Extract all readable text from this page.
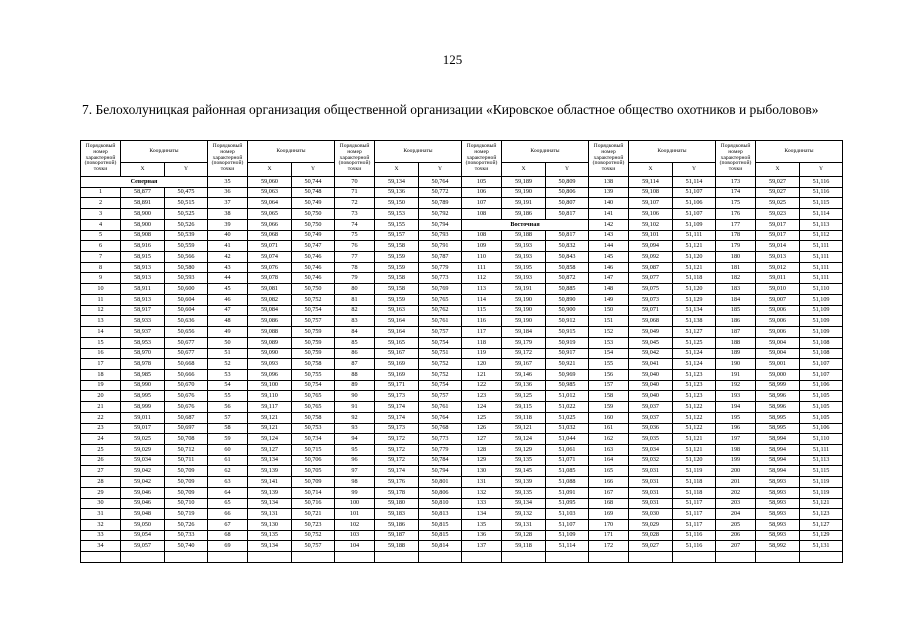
125
7. Белохолуницкая районная организация общественной организации «Кировское областное общество охотников и рыболовов»
Порядковый номер характерной (поворотной) точки	Координаты		Порядковый номер характерной (поворотной) точки	Координаты		Порядковый номер характерной (поворотной) точки	Координаты		Порядковый номер характерной (поворотной) точки	Координаты		Порядковый номер характерной (поворотной) точки	Координаты		Порядковый номер характерной (поворотной) точки	Координаты	
	X	Y		X	Y		X	Y		X	Y		X	Y		X	Y
Северная			35	59,060	50,744	70	59,134	50,764	105	59,189	50,809	138	59,114	51,114	173	59,027	51,116
1	58,877	50,475	36	59,063	50,748	71	59,136	50,772	106	59,190	50,806	139	59,108	51,107	174	59,027	51,116
2	58,891	50,515	37	59,064	50,749	72	59,150	50,789	107	59,191	50,807	140	59,107	51,106	175	59,025	51,115
3	58,900	50,525	38	59,065	50,750	73	59,153	50,792	108	59,186	50,817	141	59,106	51,107	176	59,023	51,114
4	58,900	50,526	39	59,066	50,750	74	59,155	50,794	Восточная			142	59,102	51,109	177	59,017	51,113
5	58,908	50,539	40	59,068	50,749	75	59,157	50,793	108	59,188	50,817	143	59,101	51,111	178	59,017	51,112
6	58,916	50,559	41	59,071	50,747	76	59,158	50,791	109	59,193	50,832	144	59,094	51,121	179	59,014	51,111
7	58,915	50,566	42	59,074	50,746	77	59,159	50,787	110	59,193	50,843	145	59,092	51,120	180	59,013	51,111
8	58,913	50,580	43	59,076	50,746	78	59,159	50,779	111	59,195	50,858	146	59,087	51,121	181	59,012	51,111
9	58,913	50,593	44	59,078	50,746	79	59,158	50,773	112	59,193	50,872	147	59,077	51,118	182	59,011	51,111
10	58,911	50,600	45	59,081	50,750	80	59,158	50,769	113	59,191	50,885	148	59,075	51,120	183	59,010	51,110
11	58,913	50,604	46	59,082	50,752	81	59,159	50,765	114	59,190	50,890	149	59,073	51,129	184	59,007	51,109
12	58,917	50,604	47	59,084	50,754	82	59,163	50,762	115	59,190	50,900	150	59,071	51,134	185	59,006	51,109
13	58,933	50,636	48	59,086	50,757	83	59,164	50,761	116	59,190	50,912	151	59,068	51,138	186	59,006	51,109
14	58,937	50,656	49	59,088	50,759	84	59,164	50,757	117	59,184	50,915	152	59,049	51,127	187	59,006	51,109
15	58,953	50,677	50	59,089	50,759	85	59,165	50,754	118	59,179	50,919	153	59,045	51,125	188	59,004	51,108
16	58,970	50,677	51	59,090	50,759	86	59,167	50,751	119	59,172	50,917	154	59,042	51,124	189	59,004	51,108
17	58,978	50,668	52	59,093	50,758	87	59,169	50,752	120	59,167	50,921	155	59,041	51,124	190	59,001	51,107
18	58,985	50,666	53	59,096	50,755	88	59,169	50,752	121	59,146	50,969	156	59,040	51,123	191	59,000	51,107
19	58,990	50,670	54	59,100	50,754	89	59,171	50,754	122	59,136	50,985	157	59,040	51,123	192	58,999	51,106
20	58,995	50,676	55	59,110	50,765	90	59,173	50,757	123	59,125	51,012	158	59,040	51,123	193	58,996	51,105
21	58,999	50,676	56	59,117	50,765	91	59,174	50,761	124	59,115	51,022	159	59,037	51,122	194	58,996	51,105
22	59,011	50,687	57	59,121	50,758	92	59,174	50,764	125	59,118	51,025	160	59,037	51,122	195	58,995	51,105
23	59,017	50,697	58	59,121	50,753	93	59,173	50,768	126	59,121	51,032	161	59,036	51,122	196	58,995	51,106
24	59,025	50,708	59	59,124	50,734	94	59,172	50,773	127	59,124	51,044	162	59,035	51,121	197	58,994	51,110
25	59,029	50,712	60	59,127	50,715	95	59,172	50,779	128	59,129	51,061	163	59,034	51,121	198	58,994	51,111
26	59,034	50,711	61	59,134	50,706	96	59,172	50,784	129	59,135	51,071	164	59,032	51,120	199	58,994	51,113
27	59,042	50,709	62	59,139	50,705	97	59,174	50,794	130	59,145	51,085	165	59,031	51,119	200	58,994	51,115
28	59,042	50,709	63	59,141	50,709	98	59,176	50,801	131	59,139	51,088	166	59,031	51,118	201	58,993	51,119
29	59,046	50,709	64	59,139	50,714	99	59,178	50,806	132	59,135	51,091	167	59,031	51,118	202	58,993	51,119
30	59,046	50,710	65	59,134	50,716	100	59,180	50,810	133	59,134	51,095	168	59,031	51,117	203	58,993	51,121
31	59,048	50,719	66	59,131	50,721	101	59,183	50,813	134	59,132	51,103	169	59,030	51,117	204	58,993	51,123
32	59,050	50,726	67	59,130	50,723	102	59,186	50,815	135	59,131	51,107	170	59,029	51,117	205	58,993	51,127
33	59,054	50,733	68	59,135	50,752	103	59,187	50,815	136	59,128	51,109	171	59,028	51,116	206	58,993	51,129
34	59,057	50,740	69	59,134	50,757	104	59,188	50,814	137	59,118	51,114	172	59,027	51,116	207	58,992	51,131
